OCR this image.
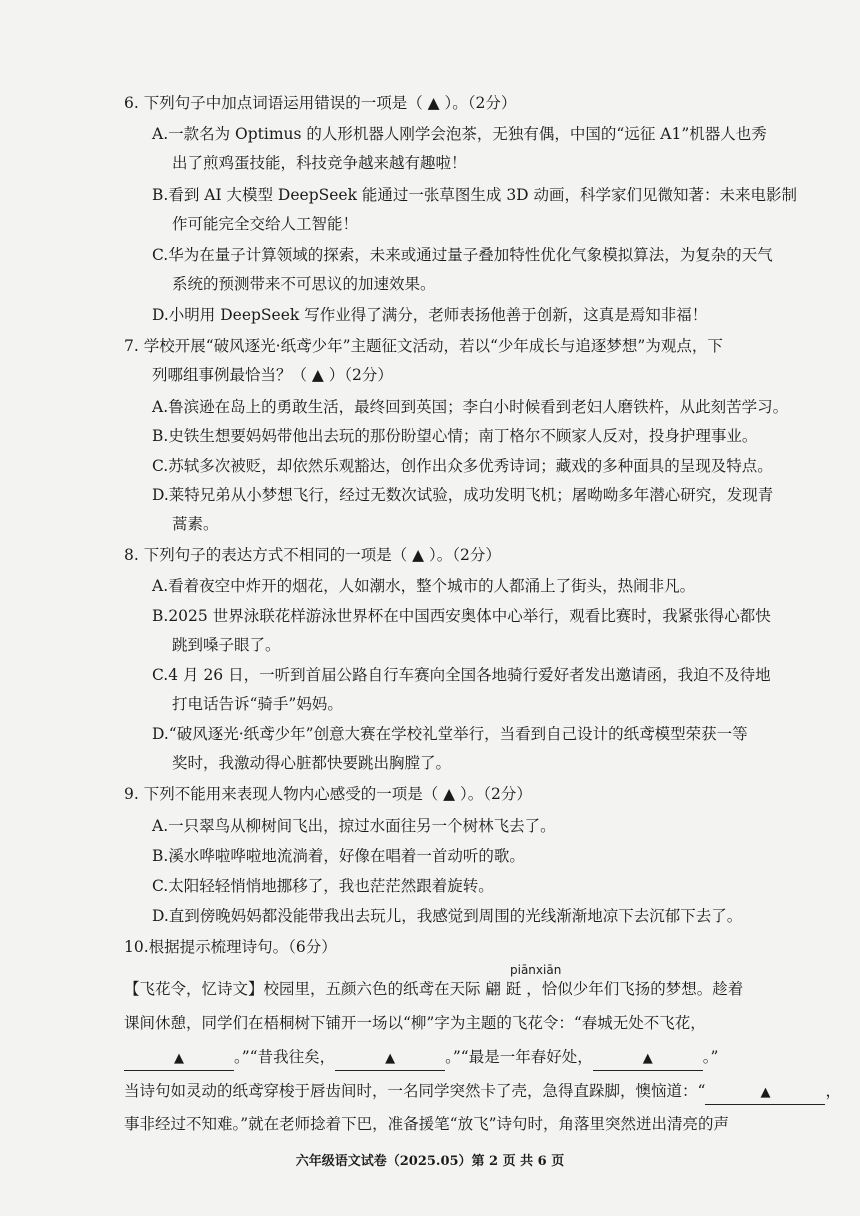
6. 下列句子中加点词语运用错误的一项是（ ▲ ）。（2分）
A.一款名为 Optimus 的人形机器人刚学会泡茶，无独有偶，中国的“远征 A1”机器人也秀
出了煎鸡蛋技能，科技竞争越来越有趣啦！
B.看到 AI 大模型 DeepSeek 能通过一张草图生成 3D 动画，科学家们见微知著：未来电影制
作可能完全交给人工智能！
C.华为在量子计算领域的探索，未来或通过量子叠加特性优化气象模拟算法，为复杂的天气
系统的预测带来不可思议的加速效果。
D.小明用 DeepSeek 写作业得了满分，老师表扬他善于创新，这真是焉知非福！
7. 学校开展“破风逐光·纸鸢少年”主题征文活动，若以“少年成长与追逐梦想”为观点，下
列哪组事例最恰当？（ ▲ ）（2分）
A.鲁滨逊在岛上的勇敢生活，最终回到英国；李白小时候看到老妇人磨铁杵，从此刻苦学习。
B.史铁生想要妈妈带他出去玩的那份盼望心情；南丁格尔不顾家人反对，投身护理事业。
C.苏轼多次被贬，却依然乐观豁达，创作出众多优秀诗词；藏戏的多种面具的呈现及特点。
D.莱特兄弟从小梦想飞行，经过无数次试验，成功发明飞机；屠呦呦多年潜心研究，发现青
蒿素。
8. 下列句子的表达方式不相同的一项是（ ▲ ）。（2分）
A.看着夜空中炸开的烟花，人如潮水，整个城市的人都涌上了街头，热闹非凡。
B.2025 世界泳联花样游泳世界杯在中国西安奥体中心举行，观看比赛时，我紧张得心都快
跳到嗓子眼了。
C.4 月 26 日，一听到首届公路自行车赛向全国各地骑行爱好者发出邀请函，我迫不及待地
打电话告诉“骑手”妈妈。
D.“破风逐光·纸鸢少年”创意大赛在学校礼堂举行，当看到自己设计的纸鸢模型荣获一等
奖时，我激动得心脏都快要跳出胸膛了。
9. 下列不能用来表现人物内心感受的一项是（ ▲ ）。（2分）
A.一只翠鸟从柳树间飞出，掠过水面往另一个树林飞去了。
B.溪水哗啦哗啦地流淌着，好像在唱着一首动听的歌。
C.太阳轻轻悄悄地挪移了，我也茫茫然跟着旋转。
D.直到傍晚妈妈都没能带我出去玩儿，我感觉到周围的光线渐渐地凉下去沉郁下去了。
10.根据提示梳理诗句。（6分）
piānxiān
【飞花令，忆诗文】校园里，五颜六色的纸鸢在天际 翩 跹 ，恰似少年们飞扬的梦想。趁着
课间休憩，同学们在梧桐树下铺开一场以“柳”字为主题的飞花令：“春城无处不飞花，
▲	。”“昔我往矣，	▲	。”“最是一年春好处，	▲	。”
当诗句如灵动的纸鸢穿梭于唇齿间时，一名同学突然卡了壳，急得直跺脚，懊恼道：“	▲	，
事非经过不知难。”就在老师捻着下巴，准备援笔“放飞”诗句时，角落里突然迸出清亮的声
六年级语文试卷（2025.05）第 2 页 共 6 页
